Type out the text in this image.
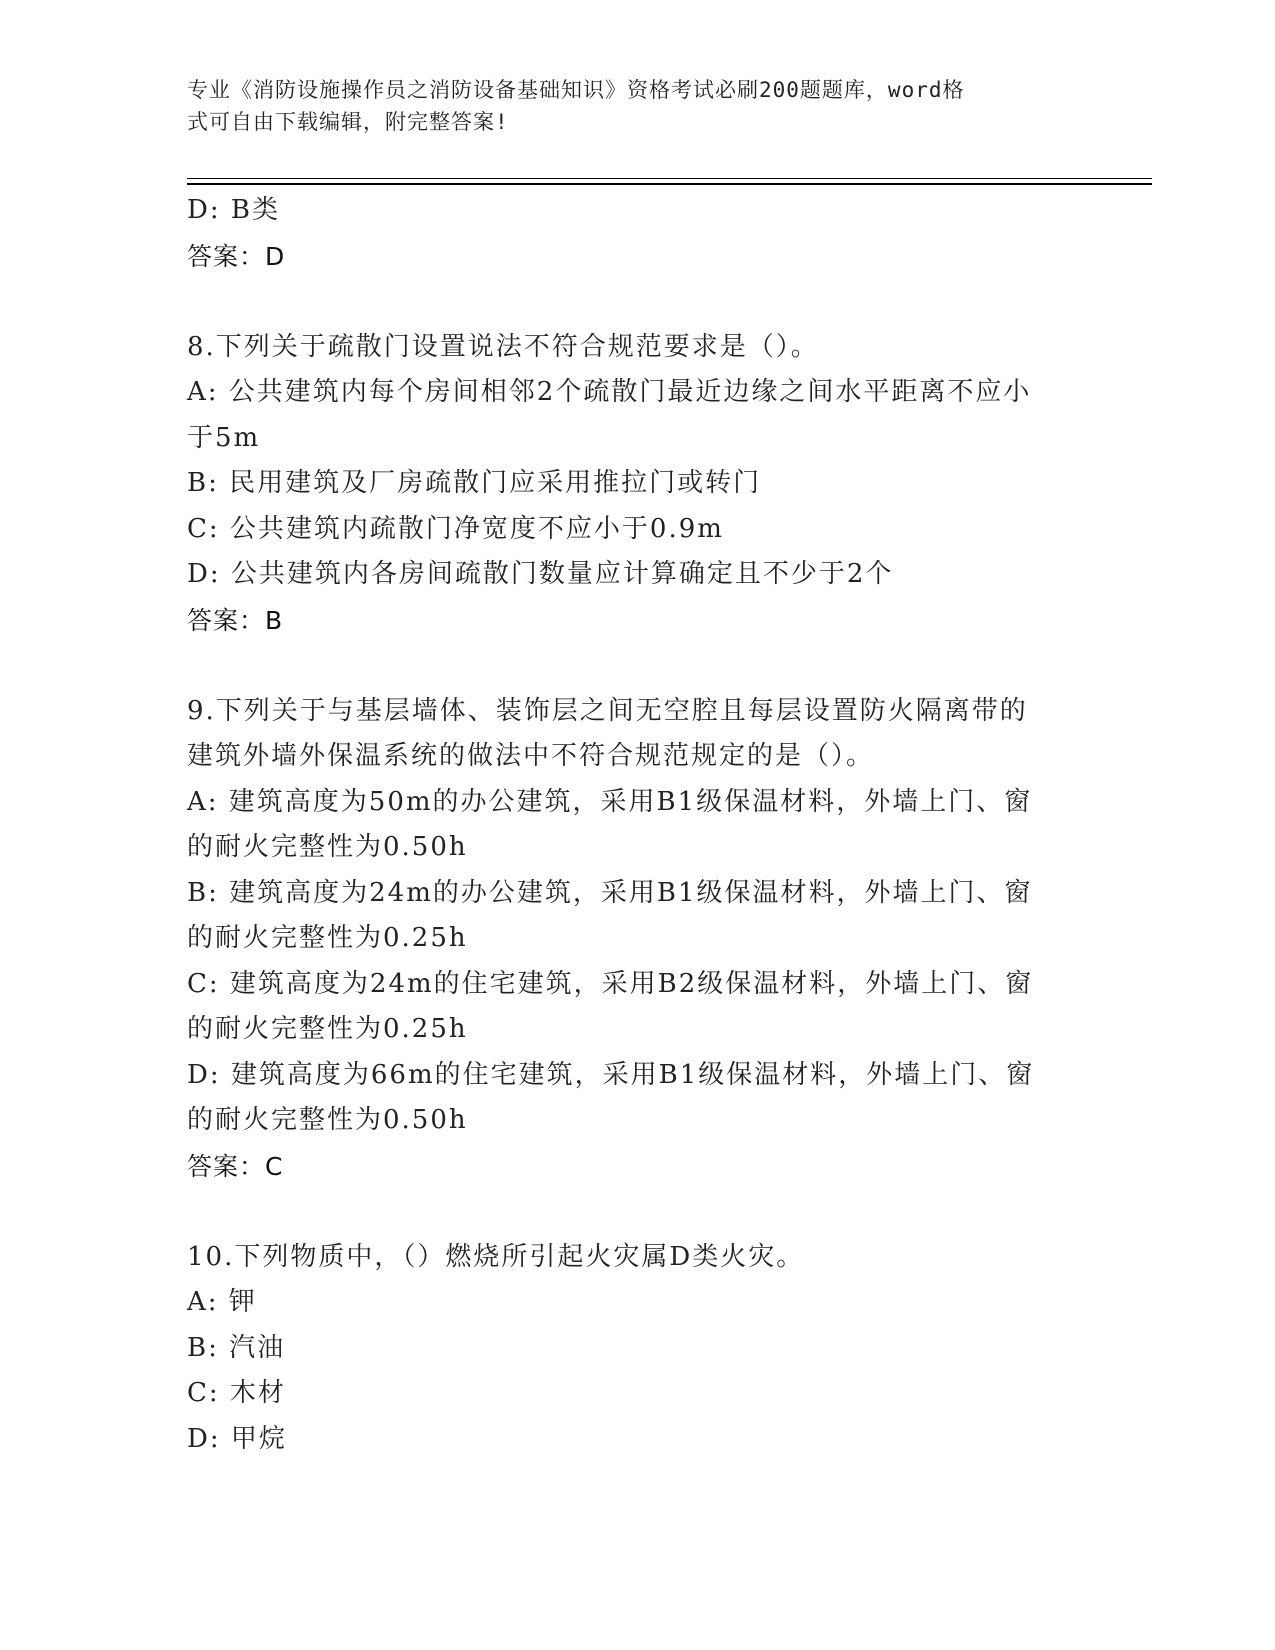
专业《消防设施操作员之消防设备基础知识》资格考试必刷200题题库，word格
式可自由下载编辑，附完整答案!

D: B类

答案：D

8.下列关于疏散门设置说法不符合规范要求是（）。

A: 公共建筑内每个房间相邻2个疏散门最近边缘之间水平距离不应小

于5m

B: 民用建筑及厂房疏散门应采用推拉门或转门

C: 公共建筑内疏散门净宽度不应小于0.9m

D: 公共建筑内各房间疏散门数量应计算确定且不少于2个

答案：B

9.下列关于与基层墙体、装饰层之间无空腔且每层设置防火隔离带的

建筑外墙外保温系统的做法中不符合规范规定的是（）。

A: 建筑高度为50m的办公建筑，采用B1级保温材料，外墙上门、窗

的耐火完整性为0.50h

B: 建筑高度为24m的办公建筑，采用B1级保温材料，外墙上门、窗

的耐火完整性为0.25h

C: 建筑高度为24m的住宅建筑，采用B2级保温材料，外墙上门、窗

的耐火完整性为0.25h

D: 建筑高度为66m的住宅建筑，采用B1级保温材料，外墙上门、窗

的耐火完整性为0.50h

答案：C

10.下列物质中，（）燃烧所引起火灾属D类火灾。

A: 钾

B: 汽油

C: 木材

D: 甲烷
